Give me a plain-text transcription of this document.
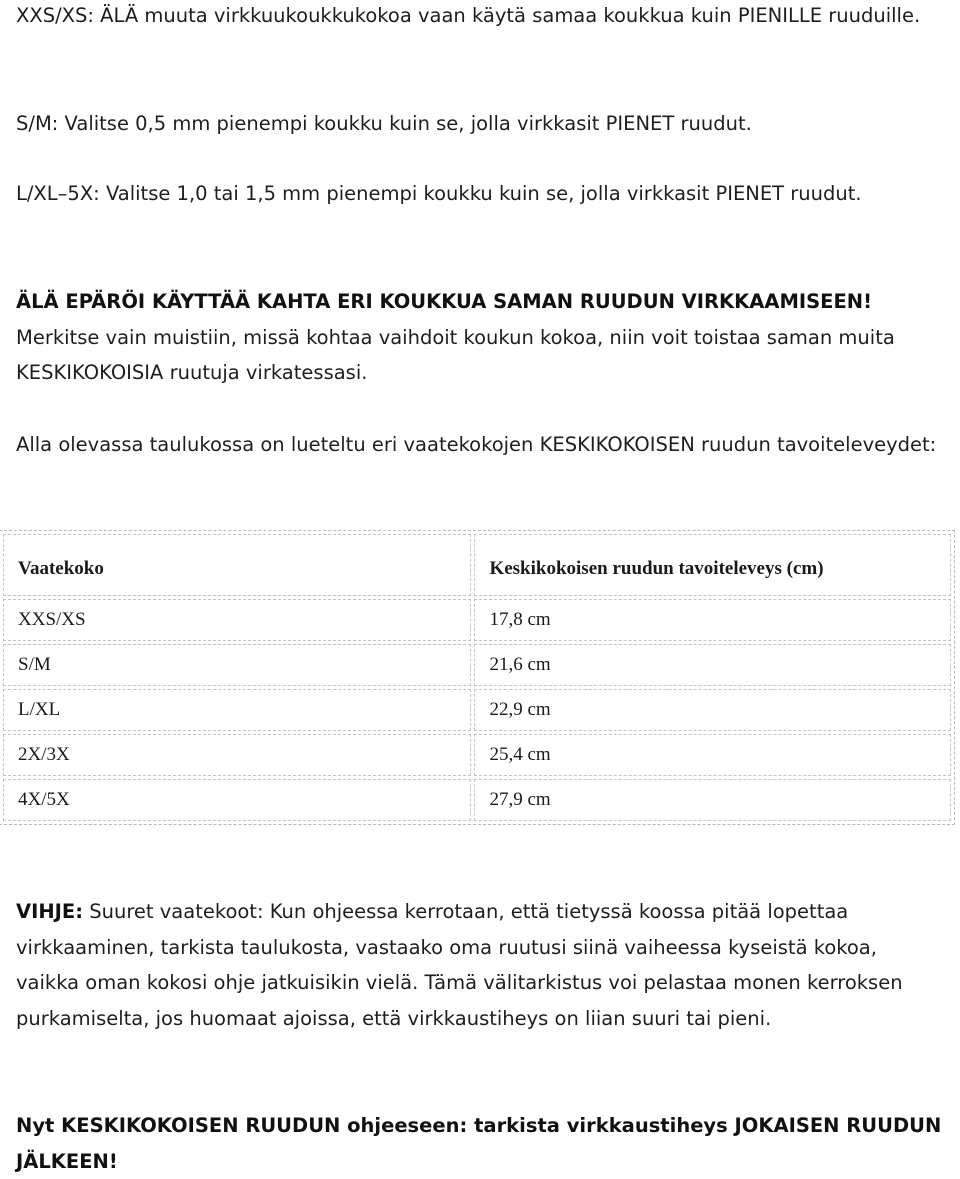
XXS/XS: ÄLÄ muuta virkkuukoukkukokoa vaan käytä samaa koukkua kuin PIENILLE ruuduille.

S/M: Valitse 0,5 mm pienempi koukku kuin se, jolla virkkasit PIENET ruudut.

L/XL–5X: Valitse 1,0 tai 1,5 mm pienempi koukku kuin se, jolla virkkasit PIENET ruudut.

ÄLÄ EPÄRÖI KÄYTTÄÄ KAHTA ERI KOUKKUA SAMAN RUUDUN VIRKKAAMISEEN! Merkitse vain muistiin, missä kohtaa vaihdoit koukun kokoa, niin voit toistaa saman muita KESKIKOKOISIA ruutuja virkatessasi.

Alla olevassa taulukossa on lueteltu eri vaatekokojen KESKIKOKOISEN ruudun tavoiteleveydet:

Vaatekoko	Keskikokoisen ruudun tavoiteleveys (cm)
XXS/XS	17,8 cm
S/M	21,6 cm
L/XL	22,9 cm
2X/3X	25,4 cm
4X/5X	27,9 cm

VIHJE: Suuret vaatekoot: Kun ohjeessa kerrotaan, että tietyssä koossa pitää lopettaa virkkaaminen, tarkista taulukosta, vastaako oma ruutusi siinä vaiheessa kyseistä kokoa, vaikka oman kokosi ohje jatkuisikin vielä. Tämä välitarkistus voi pelastaa monen kerroksen purkamiselta, jos huomaat ajoissa, että virkkaustiheys on liian suuri tai pieni.

Nyt KESKIKOKOISEN RUUDUN ohjeeseen: tarkista virkkaustiheys JOKAISEN RUUDUN JÄLKEEN!
